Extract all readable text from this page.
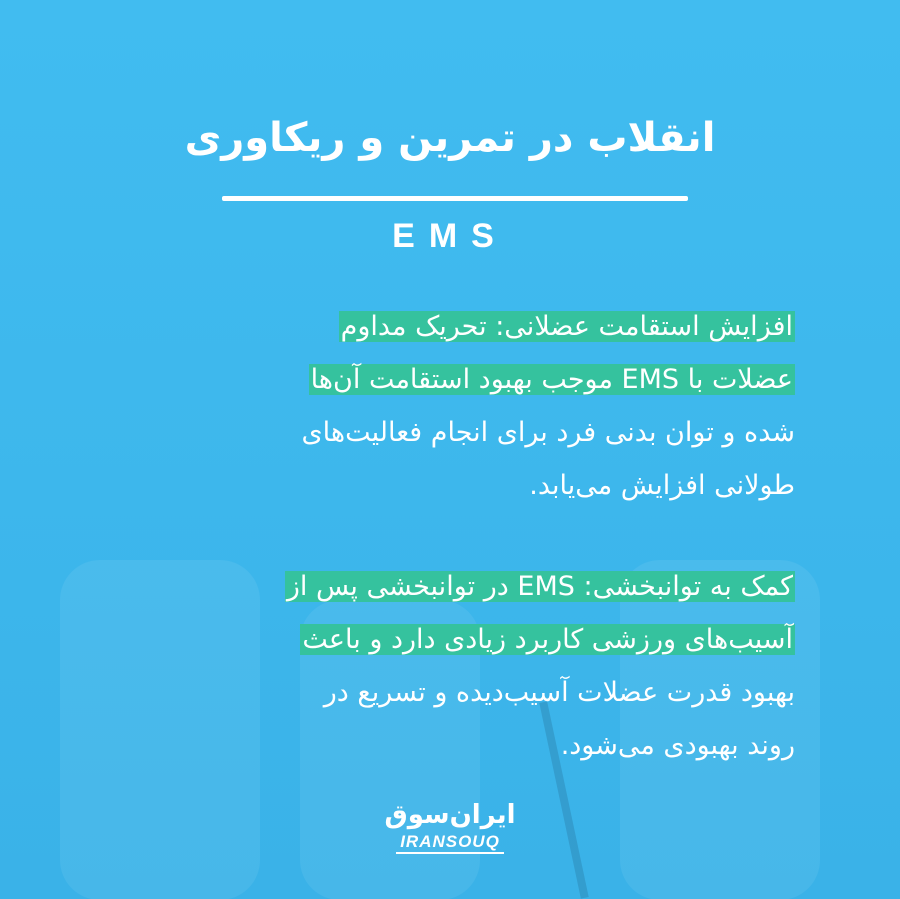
انقلاب در تمرین و ریکاوری
EMS
افزایش استقامت عضلانی: تحریک مداوم
عضلات با EMS موجب بهبود استقامت آن‌ها
شده و توان بدنی فرد برای انجام فعالیت‌های
طولانی افزایش می‌یابد.
کمک به توانبخشی: EMS در توانبخشی پس از
آسیب‌های ورزشی کاربرد زیادی دارد و باعث
بهبود قدرت عضلات آسیب‌دیده و تسریع در
روند بهبودی می‌شود.
ایران‌سوق
IRANSOUQ
